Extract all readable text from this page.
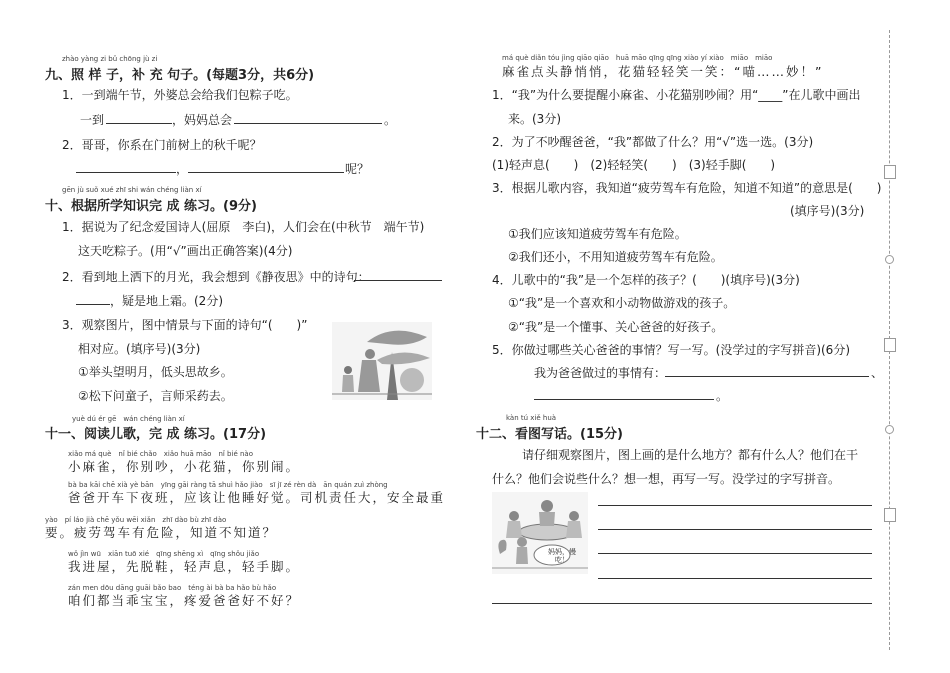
zhào yàng zi bǔ chōng jù zi
九、照 样 子，补 充 句子。(每题3分，共6分)
1．一到端午节，外婆总会给我们包粽子吃。
一到	，妈妈总会	。
2．哥哥，你系在门前树上的秋千呢？
，	呢？
gēn jù suǒ xué zhī shi wán chéng liàn xí
十、根据所学知识完 成 练习。(9分)
1．据说为了纪念爱国诗人(屈原　李白)，人们会在(中秋节　端午节)
这天吃粽子。(用“√”画出正确答案)(4分)
2．看到地上洒下的月光，我会想到《静夜思》中的诗句：
，疑是地上霜。(2分)
3．观察图片，图中情景与下面的诗句“(　　)”
相对应。(填序号)(3分)
①举头望明月，低头思故乡。
②松下问童子，言师采药去。
yuè dú ér gē　wán chéng liàn xí
十一、阅读儿歌，完 成 练习。(17分)
xiǎo má què　nǐ bié chǎo　xiǎo huā māo　nǐ bié nào
小麻雀，你别吵，小花猫，你别闹。
bà ba kāi chē xià yè bān　yīng gāi ràng tā shuì hǎo jiào　sī jī zé rèn dà　ān quán zuì zhòng
爸爸开车下夜班，应该让他睡好觉。司机责任大，安全最重
yào　pí láo jià chē yǒu wēi xiǎn　zhī dào bù zhī dào
要。疲劳驾车有危险，知道不知道？
wǒ jìn wū　xiān tuō xié　qīng shēng xì　qīng shǒu jiǎo
我进屋，先脱鞋，轻声息，轻手脚。
zán men dōu dāng guāi bǎo bao　téng ài bà ba hǎo bù hǎo
咱们都当乖宝宝，疼爱爸爸好不好？
má què diǎn tóu jìng qiāo qiāo　huā māo qīng qīng xiào yí xiào　miāo　miāo
麻雀点头静悄悄，花猫轻轻笑一笑：“喵……妙！”
1．“我”为什么要提醒小麻雀、小花猫别吵闹？用“____”在儿歌中画出
来。(3分)
2．为了不吵醒爸爸，“我”都做了什么？用“√”选一选。(3分)
(1)轻声息(　　)　(2)轻轻笑(　　)　(3)轻手脚(　　)
3．根据儿歌内容，我知道“疲劳驾车有危险，知道不知道”的意思是(　　)
(填序号)(3分)
①我们应该知道疲劳驾车有危险。
②我们还小，不用知道疲劳驾车有危险。
4．儿歌中的“我”是一个怎样的孩子？(　　)(填序号)(3分)
①“我”是一个喜欢和小动物做游戏的孩子。
②“我”是一个懂事、关心爸爸的好孩子。
5．你做过哪些关心爸爸的事情？写一写。(没学过的字写拼音)(6分)
我为爸爸做过的事情有：	、
。
kàn tú xiě huà
十二、看图写话。(15分)
请仔细观察图片，图上画的是什么地方？都有什么人？他们在干
什么？他们会说些什么？想一想，再写一写。没学过的字写拼音。
妈妈，慢吃！
